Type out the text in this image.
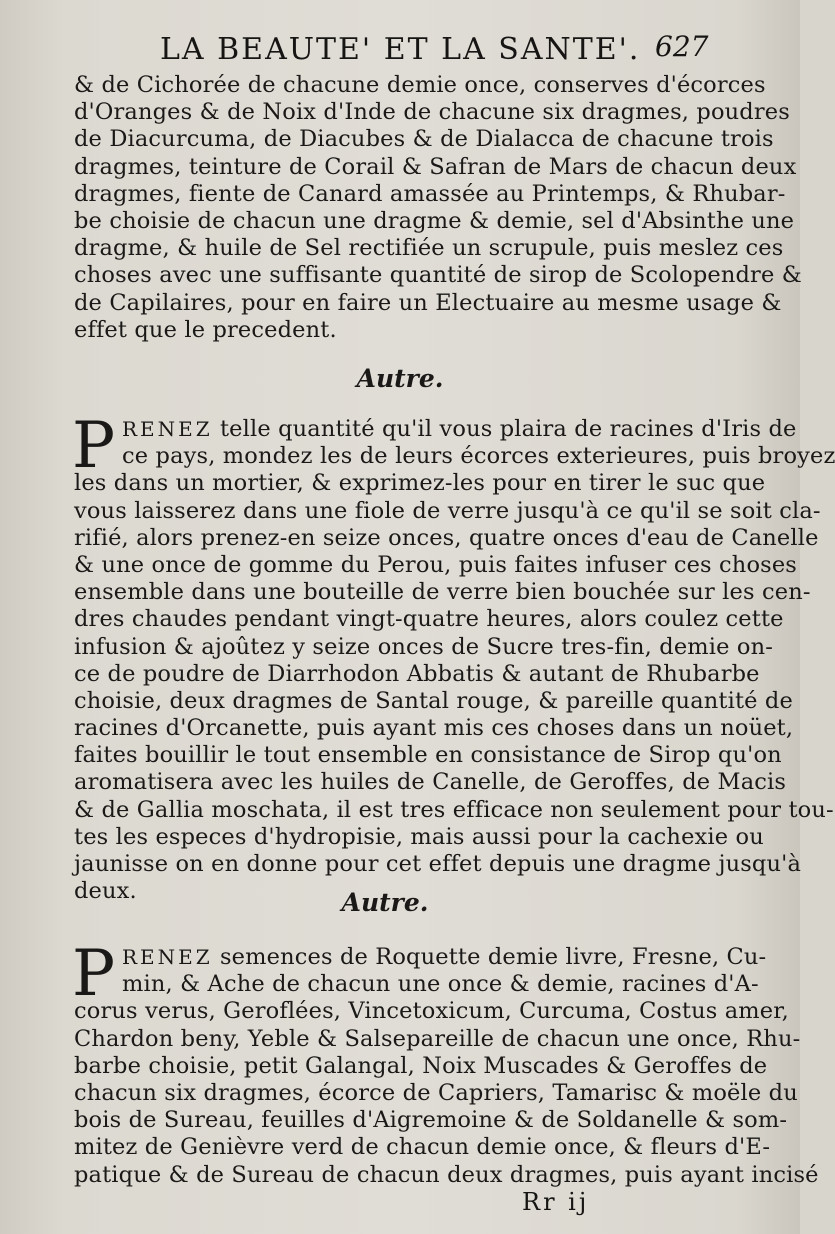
LA BEAUTE' ET LA SANTE'. 627
& de Cichorée de chacune demie once, conserves d'écorces
d'Oranges & de Noix d'Inde de chacune six dragmes, poudres
de Diacurcuma, de Diacubes & de Dialacca de chacune trois
dragmes, teinture de Corail & Safran de Mars de chacun deux
dragmes, fiente de Canard amassée au Printemps, & Rhubar-
be choisie de chacun une dragme & demie, sel d'Absinthe une
dragme, & huile de Sel rectifiée un scrupule, puis meslez ces
choses avec une suffisante quantité de sirop de Scolopendre &
de Capilaires, pour en faire un Electuaire au mesme usage &
effet que le precedent.
Autre.
P RENEZ telle quantité qu'il vous plaira de racines d'Iris de
ce pays, mondez les de leurs écorces exterieures, puis broyez
les dans un mortier, & exprimez-les pour en tirer le suc que
vous laisserez dans une fiole de verre jusqu'à ce qu'il se soit cla-
rifié, alors prenez-en seize onces, quatre onces d'eau de Canelle
& une once de gomme du Perou, puis faites infuser ces choses
ensemble dans une bouteille de verre bien bouchée sur les cen-
dres chaudes pendant vingt-quatre heures, alors coulez cette
infusion & ajoûtez y seize onces de Sucre tres-fin, demie on-
ce de poudre de Diarrhodon Abbatis & autant de Rhubarbe
choisie, deux dragmes de Santal rouge, & pareille quantité de
racines d'Orcanette, puis ayant mis ces choses dans un noüet,
faites bouillir le tout ensemble en consistance de Sirop qu'on
aromatisera avec les huiles de Canelle, de Geroffes, de Macis
& de Gallia moschata, il est tres efficace non seulement pour tou-
tes les especes d'hydropisie, mais aussi pour la cachexie ou
jaunisse on en donne pour cet effet depuis une dragme jusqu'à
deux.	Autre.
P RENEZ semences de Roquette demie livre, Fresne, Cu-
min, & Ache de chacun une once & demie, racines d'A-
corus verus, Geroflées, Vincetoxicum, Curcuma, Costus amer,
Chardon beny, Yeble & Salsepareille de chacun une once, Rhu-
barbe choisie, petit Galangal, Noix Muscades & Geroffes de
chacun six dragmes, écorce de Capriers, Tamarisc & moële du
bois de Sureau, feuilles d'Aigremoine & de Soldanelle & som-
mitez de Genièvre verd de chacun demie once, & fleurs d'E-
patique & de Sureau de chacun deux dragmes, puis ayant incisé
Rr ij
